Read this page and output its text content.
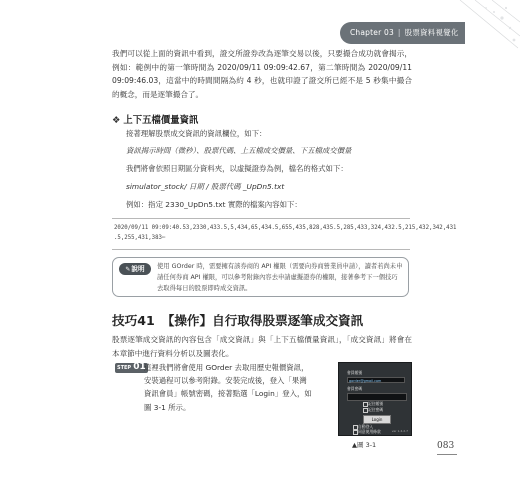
Chapter 03 | 股票資料視覺化

我們可以從上面的資訊中看到，證交所證券改為逐筆交易以後，只要撮合成功就會揭示，例如：範例中的第一筆時間為 2020/09/11 09:09:42.67，第二筆時間為 2020/09/11 09:09:46.03，這當中的時間間隔為約 4 秒，也就印證了證交所已經不是 5 秒集中撮合的概念，而是逐筆撮合了。

❖ 上下五檔價量資訊
接著理解股票成交資訊的資訊欄位，如下：
資訊揭示時間（微秒）、股票代碼、上五檔成交價量、下五檔成交價量
我們將會依照日期區分資料夾，以虛擬證券為例，檔名的格式如下：
simulator_stock/ 日期 / 股票代碼 _UpDn5.txt
例如：指定 2330_UpDn5.txt 實際的檔案內容如下：
2020/09/11 09:09:40.53,2330,433.5,5,434,65,434.5,655,435,828,435.5,285,433,324,432.5,215,432,342,431
.5,255,431,383⋯
✎說明	使用 GOrder 時，需要擁有該券商的 API 權限（需要向券商營業員申請），讀者若尚未申請任何券商 API 權限，可以參考附錄內容去申請虛擬證券的權限，接著參考下一個技巧去取得每日的股票即時成交資訊。
技巧41 【操作】自行取得股票逐筆成交資訊

股票逐筆成交資訊的內容包含「成交資訊」與「上下五檔價量資訊」，「成交資訊」將會在本章節中進行資料分析以及圖表化。

STEP 01
這裡我們將會使用 GOrder 去取用歷史報價資訊，安裝過程可以參考附錄。安裝完成後，登入「果灣資訊會員」帳號密碼，接著點選「Login」登入，如圖 3-1 所示。
會員帳號
gorder@gmail.com
會員密碼
記住帳號
記住密碼
Login
自動登入
同意使用條款	ver 1.4.2.7
▲圖 3-1	083
